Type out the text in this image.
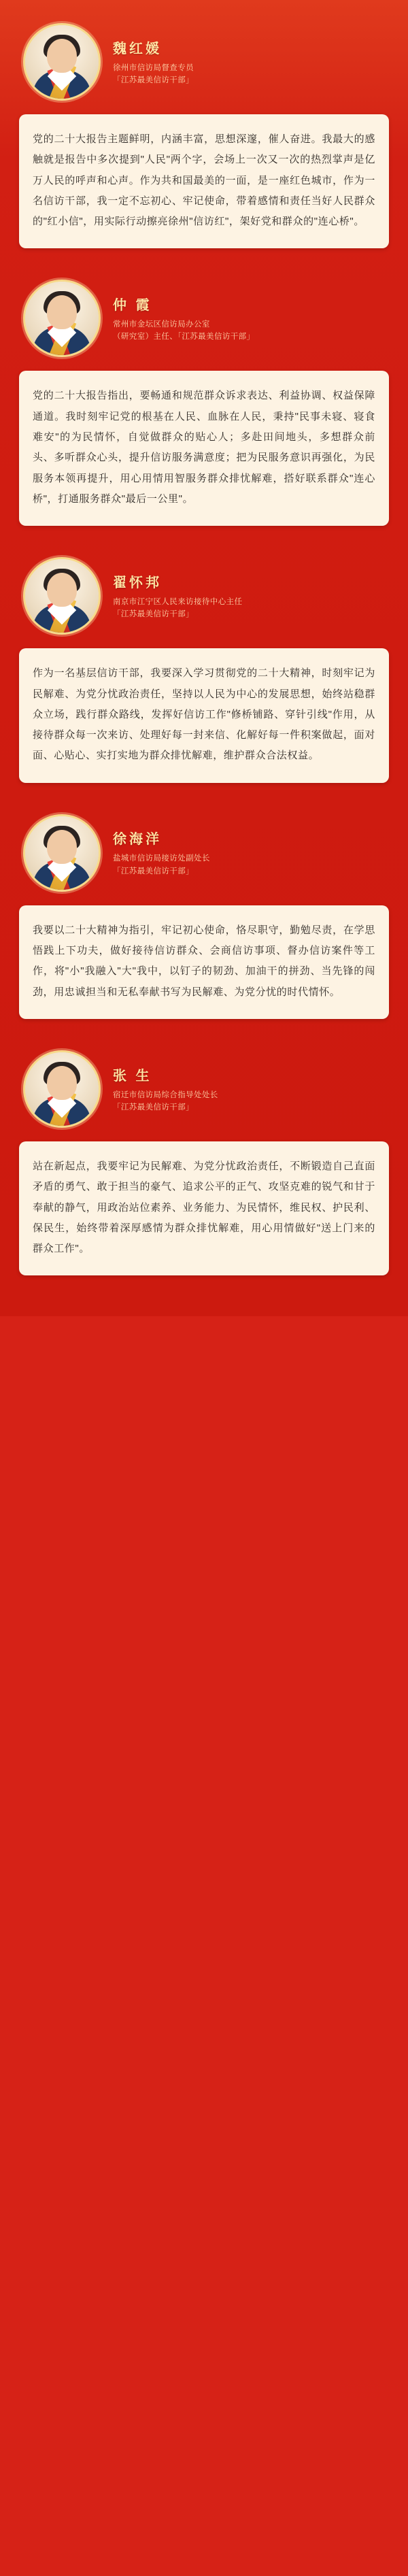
魏红媛
徐州市信访局督查专员
「江苏最美信访干部」
党的二十大报告主题鲜明，内涵丰富，思想深邃，催人奋进。我最大的感触就是报告中多次提到"人民"两个字，会场上一次又一次的热烈掌声是亿万人民的呼声和心声。作为共和国最美的一面，是一座红色城市，作为一名信访干部，我一定不忘初心、牢记使命，带着感情和责任当好人民群众的"红小信"，用实际行动擦亮徐州"信访红"，架好党和群众的"连心桥"。
仲 霞
常州市金坛区信访局办公室
（研究室）主任、「江苏最美信访干部」
党的二十大报告指出，要畅通和规范群众诉求表达、利益协调、权益保障通道。我时刻牢记党的根基在人民、血脉在人民，秉持"民事未寝、寝食难安"的为民情怀，自觉做群众的贴心人；多赴田间地头，多想群众前头、多听群众心头，提升信访服务满意度；把为民服务意识再强化，为民服务本领再提升，用心用情用智服务群众排忧解难，搭好联系群众"连心桥"，打通服务群众"最后一公里"。
翟怀邦
南京市江宁区人民来访接待中心主任
「江苏最美信访干部」
作为一名基层信访干部，我要深入学习贯彻党的二十大精神，时刻牢记为民解难、为党分忧政治责任，坚持以人民为中心的发展思想，始终站稳群众立场，践行群众路线，发挥好信访工作"修桥铺路、穿针引线"作用，从接待群众每一次来访、处理好每一封来信、化解好每一件积案做起，面对面、心贴心、实打实地为群众排忧解难，维护群众合法权益。
徐海洋
盐城市信访局接访处副处长
「江苏最美信访干部」
我要以二十大精神为指引，牢记初心使命，恪尽职守，勤勉尽责，在学思悟践上下功夫，做好接待信访群众、会商信访事项、督办信访案件等工作，将"小"我融入"大"我中，以钉子的韧劲、加油干的拼劲、当先锋的闯劲，用忠诚担当和无私奉献书写为民解难、为党分忧的时代情怀。
张 生
宿迁市信访局综合指导处处长
「江苏最美信访干部」
站在新起点，我要牢记为民解难、为党分忧政治责任，不断锻造自己直面矛盾的勇气、敢于担当的豪气、追求公平的正气、攻坚克难的锐气和甘于奉献的静气，用政治站位素养、业务能力、为民情怀，维民权、护民利、保民生，始终带着深厚感情为群众排忧解难，用心用情做好"送上门来的群众工作"。
